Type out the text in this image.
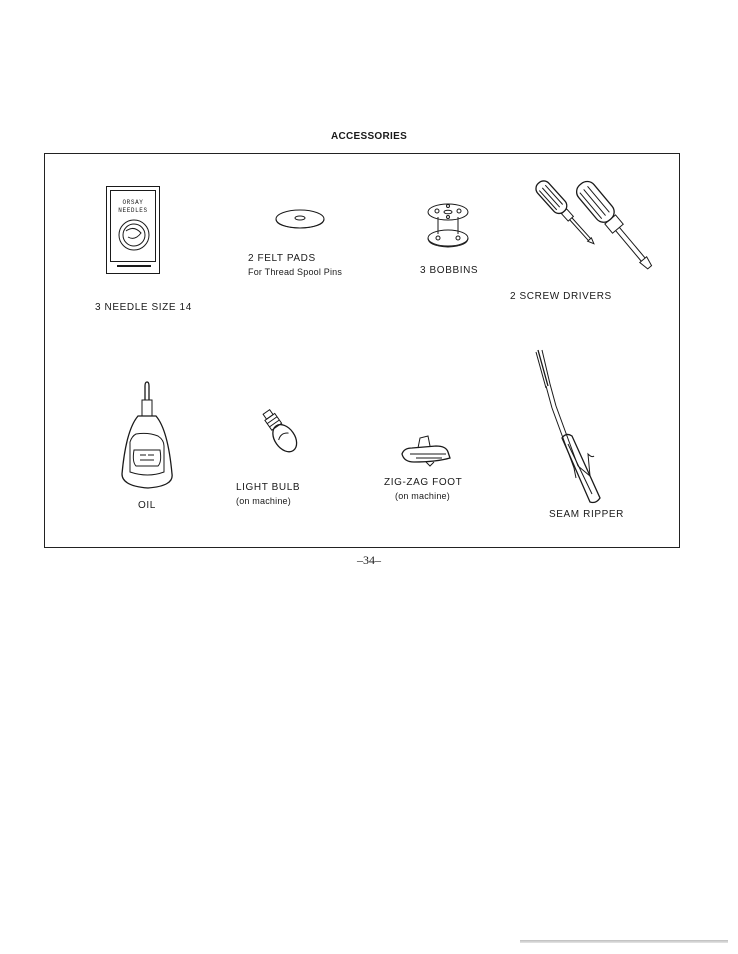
ACCESSORIES
ORSAY
NEEDLES
3 NEEDLE SIZE 14
2 FELT PADS
For Thread Spool Pins	3 BOBBINS
2 SCREW DRIVERS
OIL
LIGHT BULB
(on machine)
ZIG-ZAG FOOT
(on machine)
SEAM RIPPER
–34–
